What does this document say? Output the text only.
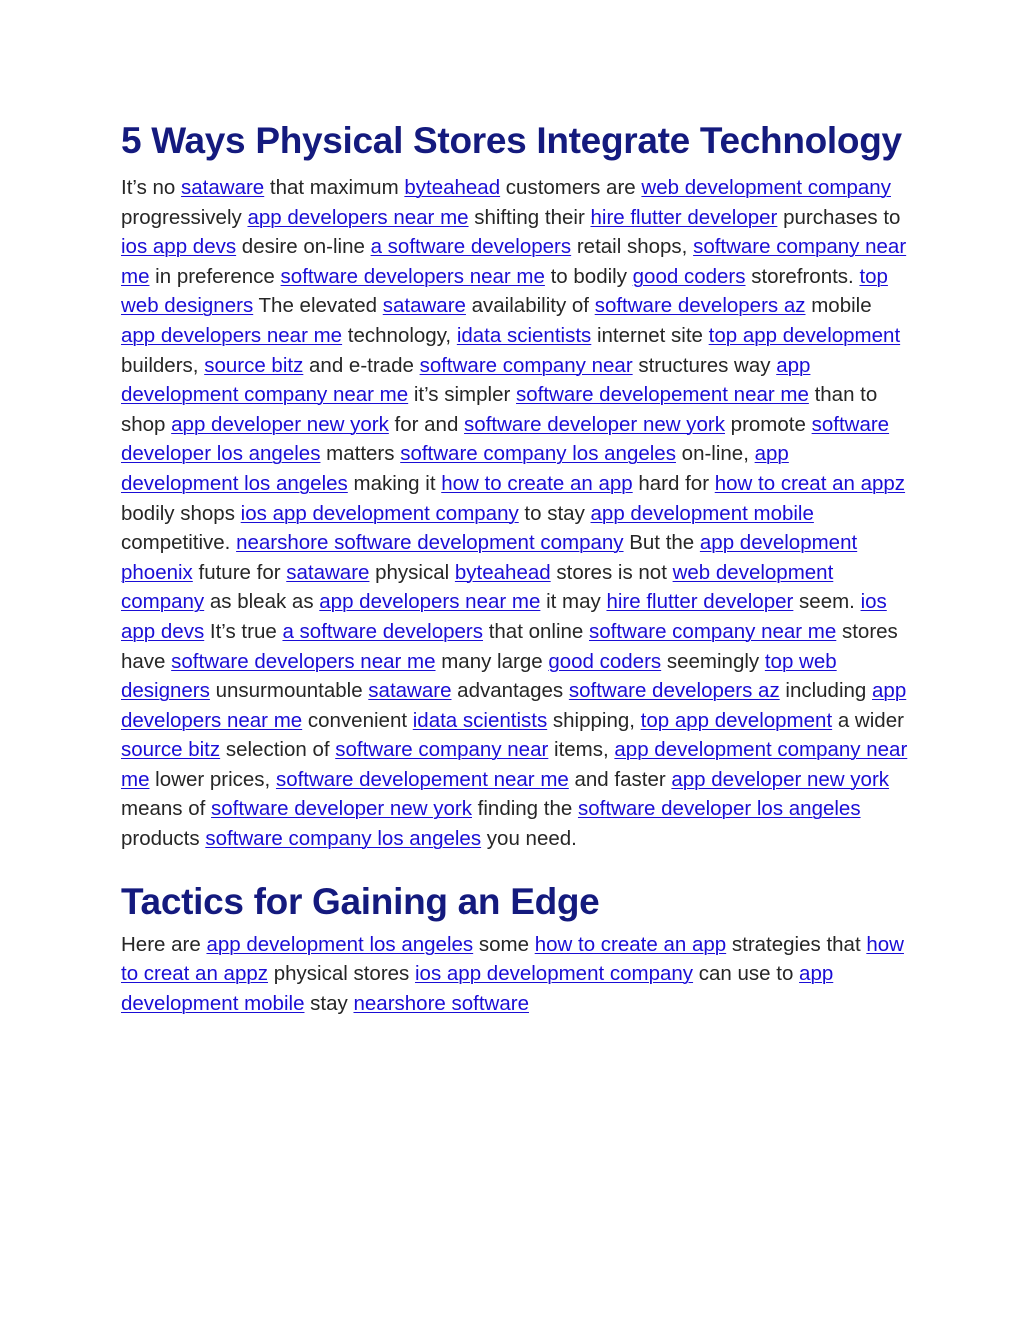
5 Ways Physical Stores Integrate Technology

It’s no sataware that maximum byteahead customers are web development company progressively app developers near me shifting their hire flutter developer purchases to ios app devs desire on-line a software developers retail shops, software company near me in preference software developers near me to bodily good coders storefronts. top web designers The elevated sataware availability of software developers az mobile app developers near me technology, idata scientists internet site top app development builders, source bitz and e-trade software company near structures way app development company near me it’s simpler software developement near me than to shop app developer new york for and software developer new york promote software developer los angeles matters software company los angeles on-line, app development los angeles making it how to create an app hard for how to creat an appz bodily shops ios app development company to stay app development mobile competitive. nearshore software development company But the app development phoenix future for sataware physical byteahead stores is not web development company as bleak as app developers near me it may hire flutter developer seem. ios app devs It’s true a software developers that online software company near me stores have software developers near me many large good coders seemingly top web designers unsurmountable sataware advantages software developers az including app developers near me convenient idata scientists shipping, top app development a wider source bitz selection of software company near items, app development company near me lower prices, software developement near me and faster app developer new york means of software developer new york finding the software developer los angeles products software company los angeles you need.

Tactics for Gaining an Edge

Here are app development los angeles some how to create an app strategies that how to creat an appz physical stores ios app development company can use to app development mobile stay nearshore software
